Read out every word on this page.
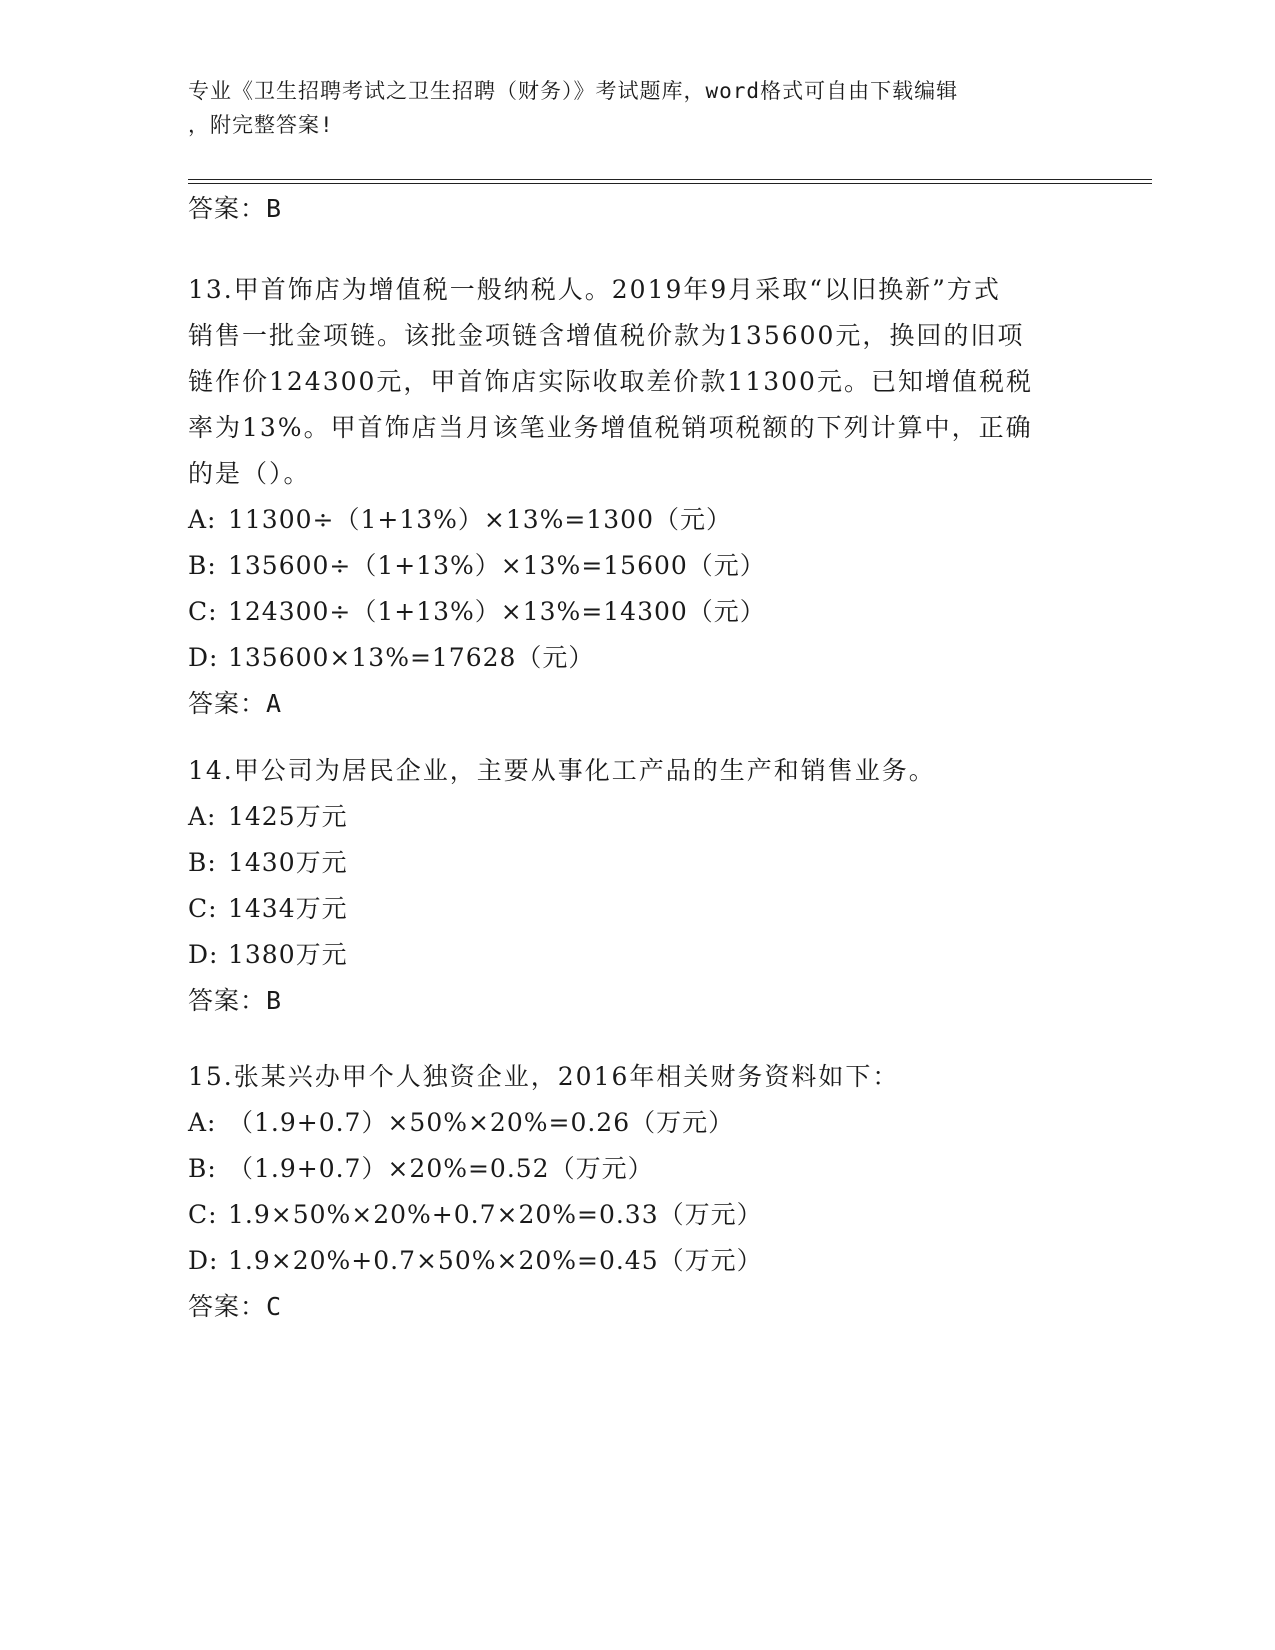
专业《卫生招聘考试之卫生招聘（财务）》考试题库，word格式可自由下载编辑
，附完整答案!

答案：B

13.甲首饰店为增值税一般纳税人。2019年9月采取“以旧换新”方式
销售一批金项链。该批金项链含增值税价款为135600元，换回的旧项
链作价124300元，甲首饰店实际收取差价款11300元。已知增值税税
率为13%。甲首饰店当月该笔业务增值税销项税额的下列计算中，正确
的是（）。

A: 11300÷（1+13%）×13%=1300（元）

B: 135600÷（1+13%）×13%=15600（元）

C: 124300÷（1+13%）×13%=14300（元）

D: 135600×13%=17628（元）

答案：A

14.甲公司为居民企业，主要从事化工产品的生产和销售业务。

A: 1425万元

B: 1430万元

C: 1434万元

D: 1380万元

答案：B

15.张某兴办甲个人独资企业，2016年相关财务资料如下：

A: （1.9+0.7）×50%×20%=0.26（万元）

B: （1.9+0.7）×20%=0.52（万元）

C: 1.9×50%×20%+0.7×20%=0.33（万元）

D: 1.9×20%+0.7×50%×20%=0.45（万元）

答案：C
